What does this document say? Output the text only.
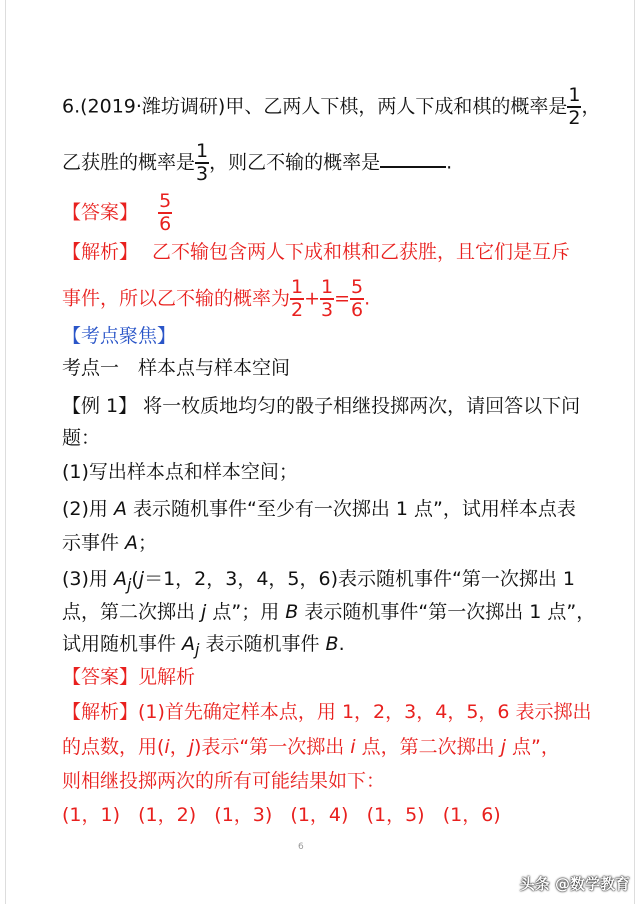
6.(2019·潍坊调研)甲、乙两人下棋，两人下成和棋的概率是 $\frac{1}{2}$ ，
乙获胜的概率是 $\frac{1}{3}$ ，则乙不输的概率是	.
【答案】 $\frac{5}{6}$
【解析】 乙不输包含两人下成和棋和乙获胜，且它们是互斥
事件，所以乙不输的概率为 $\frac{1}{2} + \frac{1}{3} = \frac{5}{6}$ .
【考点聚焦】
考点一　样本点与样本空间
【例 1】 将一枚质地均匀的骰子相继投掷两次，请回答以下问
题：
(1)写出样本点和样本空间；
(2)用 A 表示随机事件“至少有一次掷出 1 点”，试用样本点表
示事件 A；
(3)用 $A_j(j=1$，2，3，4，5，6)表示随机事件“第一次掷出 1
点，第二次掷出 j 点”；用 B 表示随机事件“第一次掷出 1 点”，
试用随机事件 $A_j$ 表示随机事件 B.
【答案】见解析
【解析】(1)首先确定样本点，用 1，2，3，4，5，6 表示掷出
的点数，用(i，j)表示“第一次掷出 i 点，第二次掷出 j 点”，
则相继投掷两次的所有可能结果如下：
(1，1) (1，2) (1，3) (1，4) (1，5) (1，6)
6
头条 @数学教育
